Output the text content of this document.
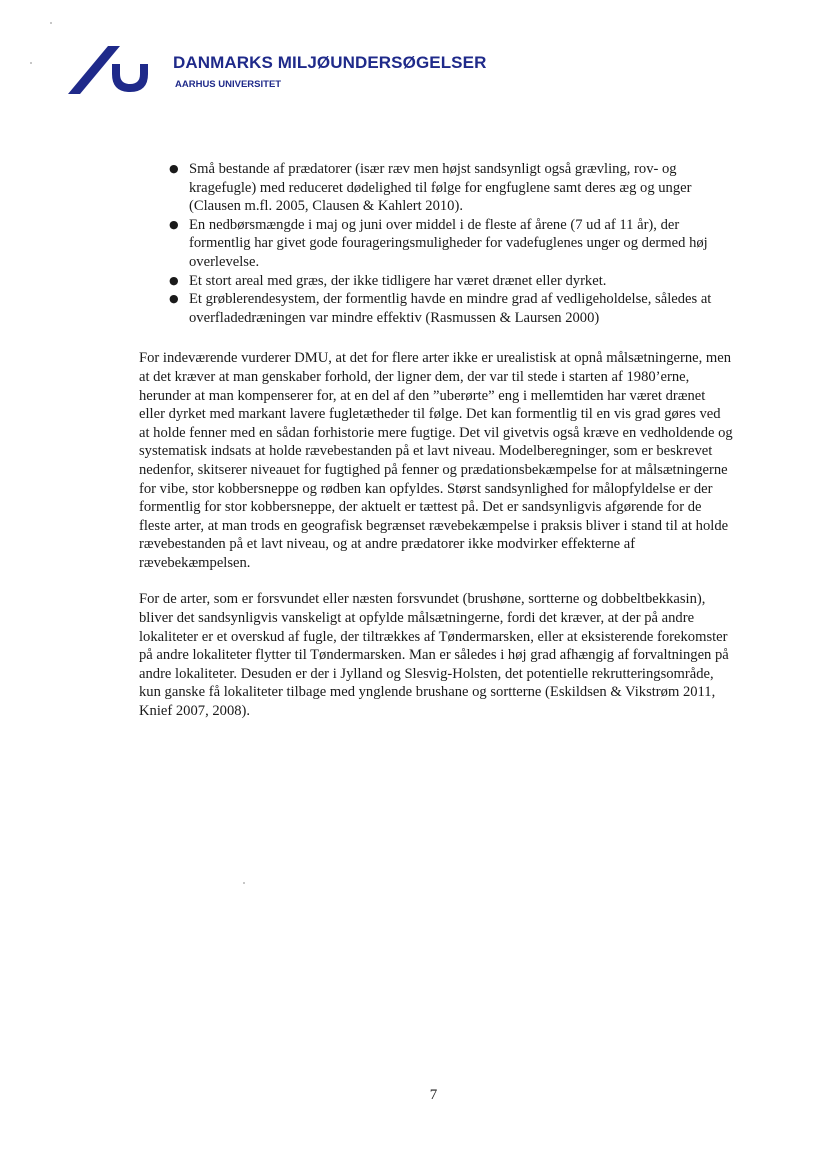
DANMARKS MILJØUNDERSØGELSER
AARHUS UNIVERSITET
● Små bestande af prædatorer (især ræv men højst sandsynligt også grævling, rov- og kragefugle) med reduceret dødelighed til følge for engfuglene samt deres æg og unger (Clausen m.fl. 2005, Clausen & Kahlert 2010).
● En nedbørsmængde i maj og juni over middel i de fleste af årene (7 ud af 11 år), der formentlig har givet gode fourageringsmuligheder for vadefuglenes unger og dermed høj overlevelse.
● Et stort areal med græs, der ikke tidligere har været drænet eller dyrket.
● Et grøblerendesystem, der formentlig havde en mindre grad af vedligeholdelse, således at overfladedræningen var mindre effektiv (Rasmussen & Laursen 2000)

For indeværende vurderer DMU, at det for flere arter ikke er urealistisk at opnå målsætningerne, men at det kræver at man genskaber forhold, der ligner dem, der var til stede i starten af 1980’erne, herunder at man kompenserer for, at en del af den ”uberørte” eng i mellemtiden har været drænet eller dyrket med markant lavere fugletætheder til følge. Det kan formentlig til en vis grad gøres ved at holde fenner med en sådan forhistorie mere fugtige. Det vil givetvis også kræve en vedholdende og systematisk indsats at holde rævebestanden på et lavt niveau. Modelberegninger, som er beskrevet nedenfor, skitserer niveauet for fugtighed på fenner og prædationsbekæmpelse for at målsætningerne for vibe, stor kobbersneppe og rødben kan opfyldes. Størst sandsynlighed for målopfyldelse er der formentlig for stor kobbersneppe, der aktuelt er tættest på. Det er sandsynligvis afgørende for de fleste arter, at man trods en geografisk begrænset rævebekæmpelse i praksis bliver i stand til at holde rævebestanden på et lavt niveau, og at andre prædatorer ikke modvirker effekterne af rævebekæmpelsen.

For de arter, som er forsvundet eller næsten forsvundet (brushøne, sortterne og dobbeltbekkasin), bliver det sandsynligvis vanskeligt at opfylde målsætningerne, fordi det kræver, at der på andre lokaliteter er et overskud af fugle, der tiltrækkes af Tøndermarsken, eller at eksisterende forekomster på andre lokaliteter flytter til Tøndermarsken. Man er således i høj grad afhængig af forvaltningen på andre lokaliteter. Desuden er der i Jylland og Slesvig-Holsten, det potentielle rekrutteringsområde, kun ganske få lokaliteter tilbage med ynglende brushane og sortterne (Eskildsen & Vikstrøm 2011, Knief 2007, 2008).

7
